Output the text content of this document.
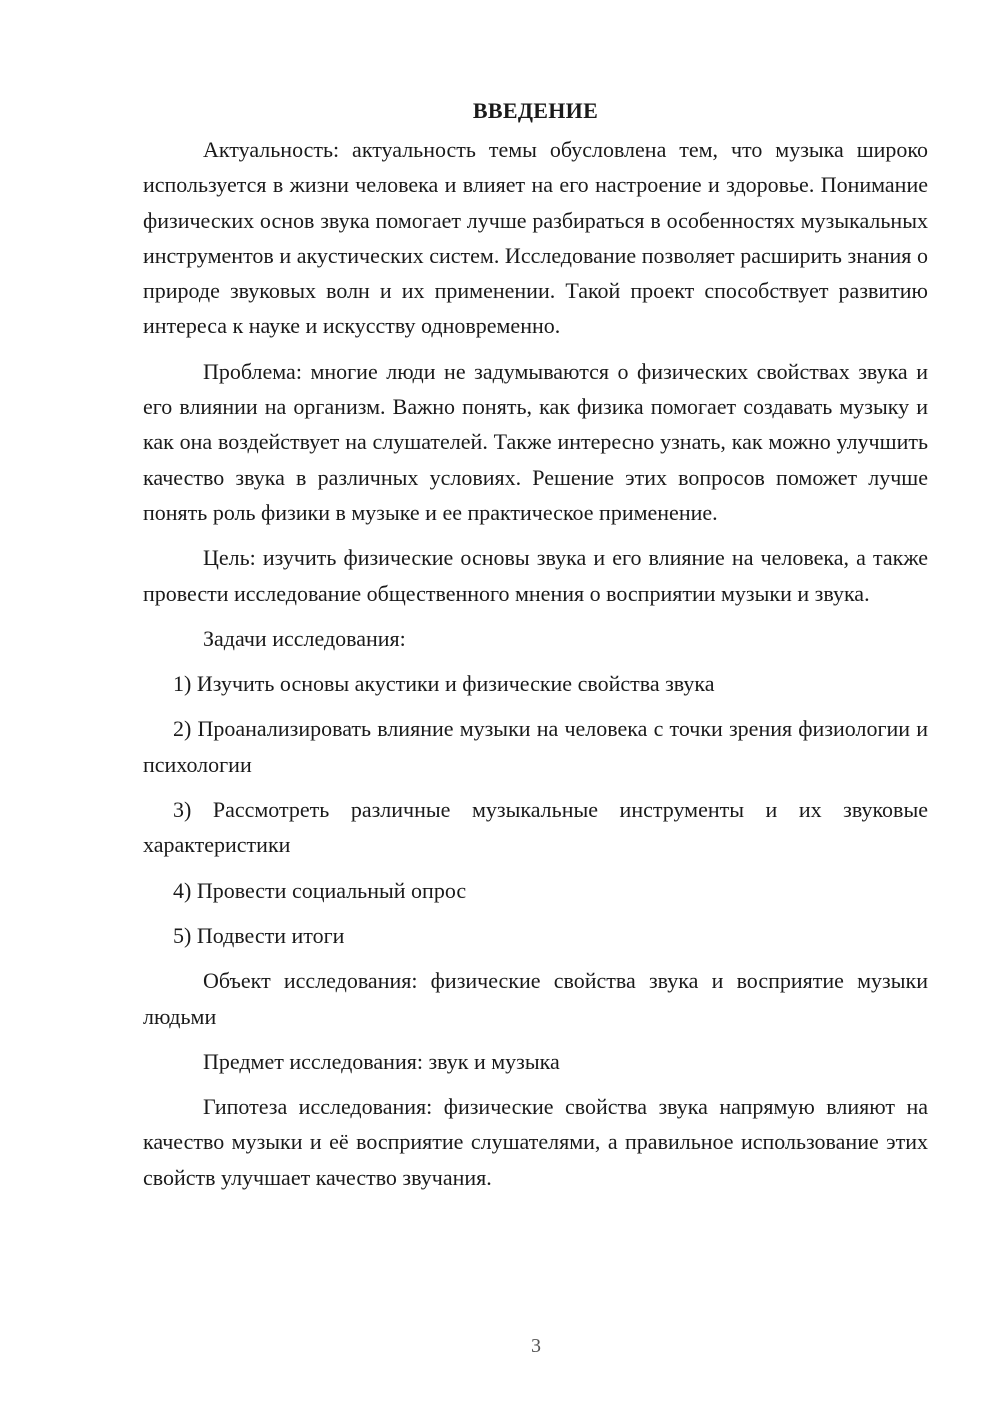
ВВЕДЕНИЕ

Актуальность: актуальность темы обусловлена тем, что музыка широко используется в жизни человека и влияет на его настроение и здоровье. Понимание физических основ звука помогает лучше разбираться в особенностях музыкальных инструментов и акустических систем. Исследование позволяет расширить знания о природе звуковых волн и их применении. Такой проект способствует развитию интереса к науке и искусству одновременно.

Проблема: многие люди не задумываются о физических свойствах звука и его влиянии на организм. Важно понять, как физика помогает создавать музыку и как она воздействует на слушателей. Также интересно узнать, как можно улучшить качество звука в различных условиях. Решение этих вопросов поможет лучше понять роль физики в музыке и ее практическое применение.

Цель: изучить физические основы звука и его влияние на человека, а также провести исследование общественного мнения о восприятии музыки и звука.

Задачи исследования:

1) Изучить основы акустики и физические свойства звука

2) Проанализировать влияние музыки на человека с точки зрения физиологии и психологии

3) Рассмотреть различные музыкальные инструменты и их звуковые характеристики

4) Провести социальный опрос

5) Подвести итоги

Объект исследования: физические свойства звука и восприятие музыки людьми

Предмет исследования: звук и музыка

Гипотеза исследования: физические свойства звука напрямую влияют на качество музыки и её восприятие слушателями, а правильное использование этих свойств улучшает качество звучания.

3
